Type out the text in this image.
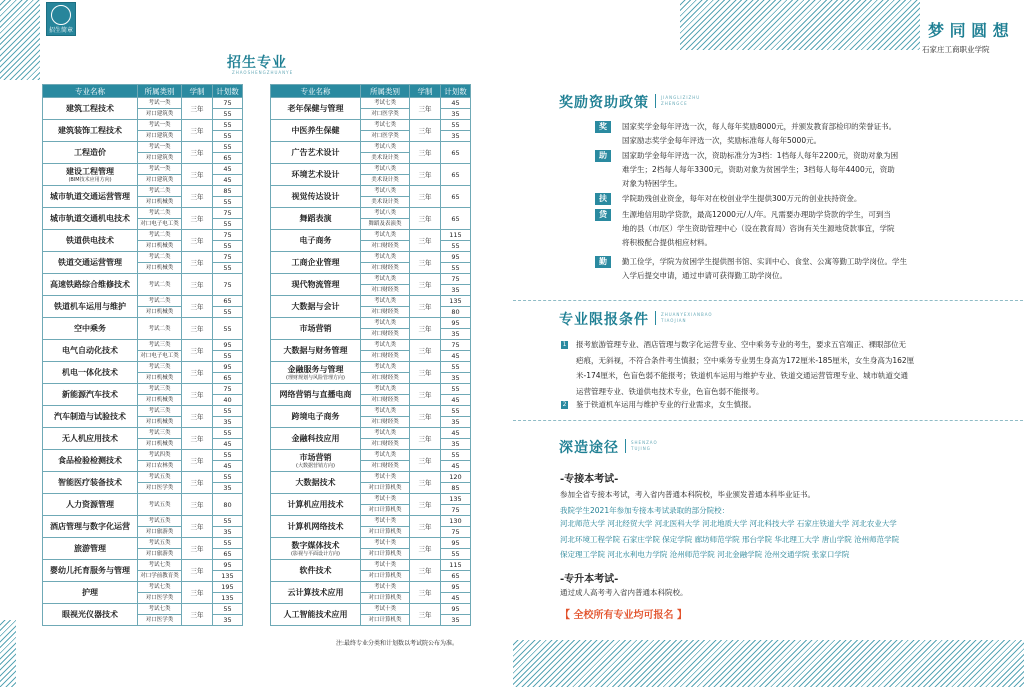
招生简章
招生专业
ZHAOSHENGZHUANYE
专业名称	所属类别	学制	计划数
建筑工程技术	考试一类	三年	75
	对口建筑类		55
建筑装饰工程技术	考试一类	三年	55
	对口建筑类		55
工程造价	考试一类	三年	55
	对口建筑类		65
建设工程管理
(BIM技术应用方向)	考试一类	三年	45
	对口建筑类		45
城市轨道交通运营管理	考试二类	三年	85
	对口机械类		55
城市轨道交通机电技术	考试二类	三年	75
	对口电子电工类		55
铁道供电技术	考试二类	三年	75
	对口机械类		55
铁道交通运营管理	考试二类	三年	75
	对口机械类		55
高速铁路综合维修技术	考试二类	三年	75
铁道机车运用与维护	考试二类	三年	65
	对口机械类		55
空中乘务	考试二类	三年	55
电气自动化技术	考试三类	三年	95
	对口电子电工类		55
机电一体化技术	考试三类	三年	95
	对口机械类		65
新能源汽车技术	考试三类	三年	75
	对口机械类		40
汽车制造与试验技术	考试三类	三年	55
	对口机械类		35
无人机应用技术	考试三类	三年	55
	对口机械类		45
食品检验检测技术	考试四类	三年	55
	对口农林类		45
智能医疗装备技术	考试五类	三年	55
	对口医学类		35
人力资源管理	考试五类	三年	80
酒店管理与数字化运营	考试五类	三年	55
	对口旅游类		35
旅游管理	考试五类	三年	55
	对口旅游类		65
婴幼儿托育服务与管理	考试七类	三年	95
	对口学前教育类		135
护理	考试七类	三年	195
	对口医学类		135
眼视光仪器技术	考试七类	三年	55
	对口医学类		35
专业名称	所属类别	学制	计划数
老年保健与管理	考试七类	三年	45
	对口医学类		35
中医养生保健	考试七类	三年	55
	对口医学类		35
广告艺术设计	考试八类	三年	65
	美术设计类		
环境艺术设计	考试八类	三年	65
	美术设计类		
视觉传达设计	考试八类	三年	65
	美术设计类		
舞蹈表演	考试八类	三年	65
	舞蹈及表演类		
电子商务	考试九类	三年	115
	对口财经类		55
工商企业管理	考试九类	三年	95
	对口财经类		55
现代物流管理	考试九类	三年	75
	对口财经类		35
大数据与会计	考试九类	三年	135
	对口财经类		80
市场营销	考试九类	三年	95
	对口财经类		35
大数据与财务管理	考试九类	三年	75
	对口财经类		45
金融服务与管理
(理财规划与风险管理方向)	考试九类	三年	55
	对口财经类		35
网络营销与直播电商	考试九类	三年	55
	对口财经类		45
跨境电子商务	考试九类	三年	55
	对口财经类		35
金融科技应用	考试九类	三年	45
	对口财经类		35
市场营销
(大数据营销方向)	考试九类	三年	55
	对口财经类		45
大数据技术	考试十类	三年	120
	对口计算机类		85
计算机应用技术	考试十类	三年	135
	对口计算机类		75
计算机网络技术	考试十类	三年	130
	对口计算机类		75
数字媒体技术
(影视与平面设计方向)	考试十类	三年	95
	对口计算机类		55
软件技术	考试十类	三年	115
	对口计算机类		65
云计算技术应用	考试十类	三年	95
	对口计算机类		45
人工智能技术应用	考试十类	三年	95
	对口计算机类		35
注:最终专业分类和计划数以考试院公布为准。
梦 同 圆 想
石家庄工商职业学院
奖励资助政策	JIANGLIZIZHU ZHENGCE
奖	国家奖学金每年评选一次，每人每年奖励8000元，并颁发教育部检印的荣誉证书。
国家励志奖学金每年评选一次，奖励标准每人每年5000元。
助	国家助学金每年评选一次，资助标准分为3档：1档每人每年2200元，资助对象为困
难学生；2档每人每年3300元，资助对象为贫困学生；3档每人每年4400元，资助
对象为特困学生。
扶	学院助残创业资金，每年对在校创业学生提供300万元的创业扶持资金。
贷	生源地信用助学贷款，最高12000元/人/年。凡需要办理助学贷款的学生，可到当
地的县（市/区）学生资助管理中心（设在教育局）咨询有关生源地贷款事宜，学院
将积极配合提供相应材料。
勤	勤工俭学，学院为贫困学生提供图书馆、实训中心、食堂、公寓等勤工助学岗位。学生
入学后提交申请，通过申请可获得勤工助学岗位。
专业限报条件	ZHUANYEXIANBAO TIAOJIAN
1 报考旅游管理专业、酒店管理与数字化运营专业、空中乘务专业的考生，要求五官端正、裸眼部位无
疤痕，无斜视，不符合条件考生慎报；空中乘务专业男生身高为172厘米-185厘米，女生身高为162厘
米-174厘米，色盲色弱不能报考；铁道机车运用与维护专业、铁道交通运营管理专业、城市轨道交通
运营管理专业、铁道供电技术专业，色盲色弱不能报考。
2 鉴于铁道机车运用与维护专业的行业需求，女生慎报。
深造途径	SHENZAO TUJING
-专接本考试-
参加全省专接本考试，考入省内普通本科院校，毕业颁发普通本科毕业证书。
我院学生2021年参加专接本考试录取的部分院校：
河北师范大学 河北经贸大学 河北医科大学 河北地质大学 河北科技大学 石家庄铁道大学 河北农业大学
河北环境工程学院 石家庄学院 保定学院 廊坊师范学院 邢台学院 华北理工大学 唐山学院 沧州师范学院
保定理工学院 河北水利电力学院 沧州师范学院 河北金融学院 沧州交通学院 张家口学院
-专升本考试-
通过成人高考考入省内普通本科院校。
【 全校所有专业均可报名 】
